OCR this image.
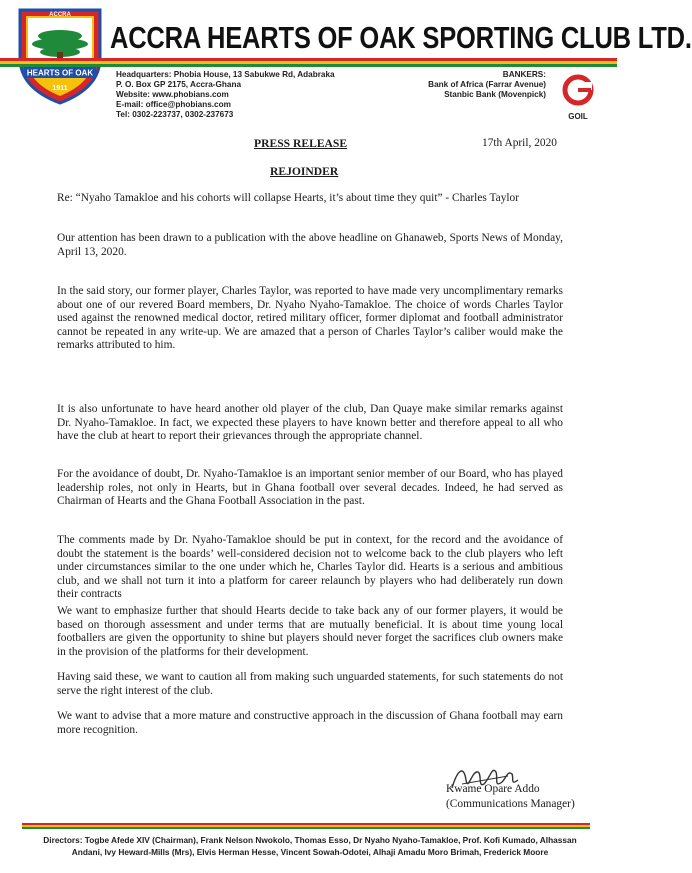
HEARTS OF OAK
1911
ACCRA
ACCRA HEARTS OF OAK SPORTING CLUB LTD.
Headquarters: Phobia House, 13 Sabukwe Rd, Adabraka
P. O. Box GP 2175, Accra-Ghana
Website: www.phobians.com
E-mail: office@phobians.com
Tel: 0302-223737, 0302-237673
BANKERS:
Bank of Africa (Farrar Avenue)
Stanbic Bank (Movenpick)
GOIL
PRESS RELEASE	17th April, 2020
REJOINDER

Re: “Nyaho Tamakloe and his cohorts will collapse Hearts, it’s about time they quit” - Charles Taylor

Our attention has been drawn to a publication with the above headline on Ghanaweb, Sports News of Monday, April 13, 2020.

In the said story, our former player, Charles Taylor, was reported to have made very uncomplimentary remarks about one of our revered Board members, Dr. Nyaho Nyaho-Tamakloe. The choice of words Charles Taylor used against the renowned medical doctor, retired military officer, former diplomat and football administrator cannot be repeated in any write-up. We are amazed that a person of Charles Taylor’s caliber would make the remarks attributed to him.

It is also unfortunate to have heard another old player of the club, Dan Quaye make similar remarks against Dr. Nyaho-Tamakloe. In fact, we expected these players to have known better and therefore appeal to all who have the club at heart to report their grievances through the appropriate channel.

For the avoidance of doubt, Dr. Nyaho-Tamakloe is an important senior member of our Board, who has played leadership roles, not only in Hearts, but in Ghana football over several decades. Indeed, he had served as Chairman of Hearts and the Ghana Football Association in the past.

The comments made by Dr. Nyaho-Tamakloe should be put in context, for the record and the avoidance of doubt the statement is the boards’ well-considered decision not to welcome back to the club players who left under circumstances similar to the one under which he, Charles Taylor did. Hearts is a serious and ambitious club, and we shall not turn it into a platform for career relaunch by players who had deliberately run down their contracts

We want to emphasize further that should Hearts decide to take back any of our former players, it would be based on thorough assessment and under terms that are mutually beneficial. It is about time young local footballers are given the opportunity to shine but players should never forget the sacrifices club owners make in the provision of the platforms for their development.

Having said these, we want to caution all from making such unguarded statements, for such statements do not serve the right interest of the club.

We want to advise that a more mature and constructive approach in the discussion of Ghana football may earn more recognition.

Kwame Opare Addo
(Communications Manager)
Directors: Togbe Afede XIV (Chairman), Frank Nelson Nwokolo, Thomas Esso, Dr Nyaho Nyaho-Tamakloe, Prof. Kofi Kumado, Alhassan Andani, Ivy Heward-Mills (Mrs), Elvis Herman Hesse, Vincent Sowah-Odotei, Alhaji Amadu Moro Brimah, Frederick Moore
